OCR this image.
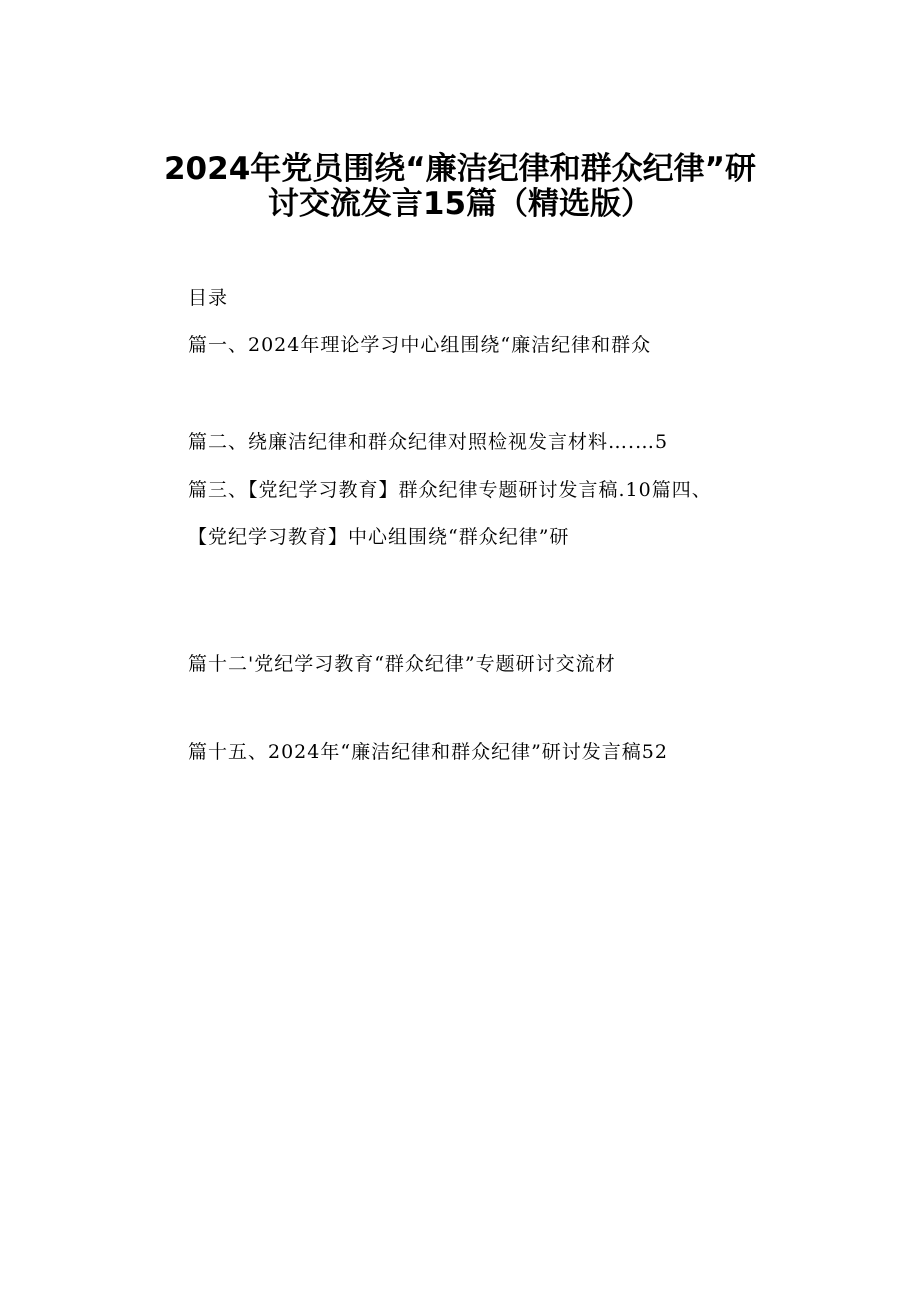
2024年党员围绕“廉洁纪律和群众纪律”研
讨交流发言15篇（精选版）
目录
篇一、2024年理论学习中心组围绕“廉洁纪律和群众
篇二、绕廉洁纪律和群众纪律对照检视发言材料….…5
篇三、【党纪学习教育】群众纪律专题研讨发言稿.10篇四、
【党纪学习教育】中心组围绕“群众纪律”研
篇十二'党纪学习教育“群众纪律”专题研讨交流材
篇十五、2024年“廉洁纪律和群众纪律”研讨发言稿52
